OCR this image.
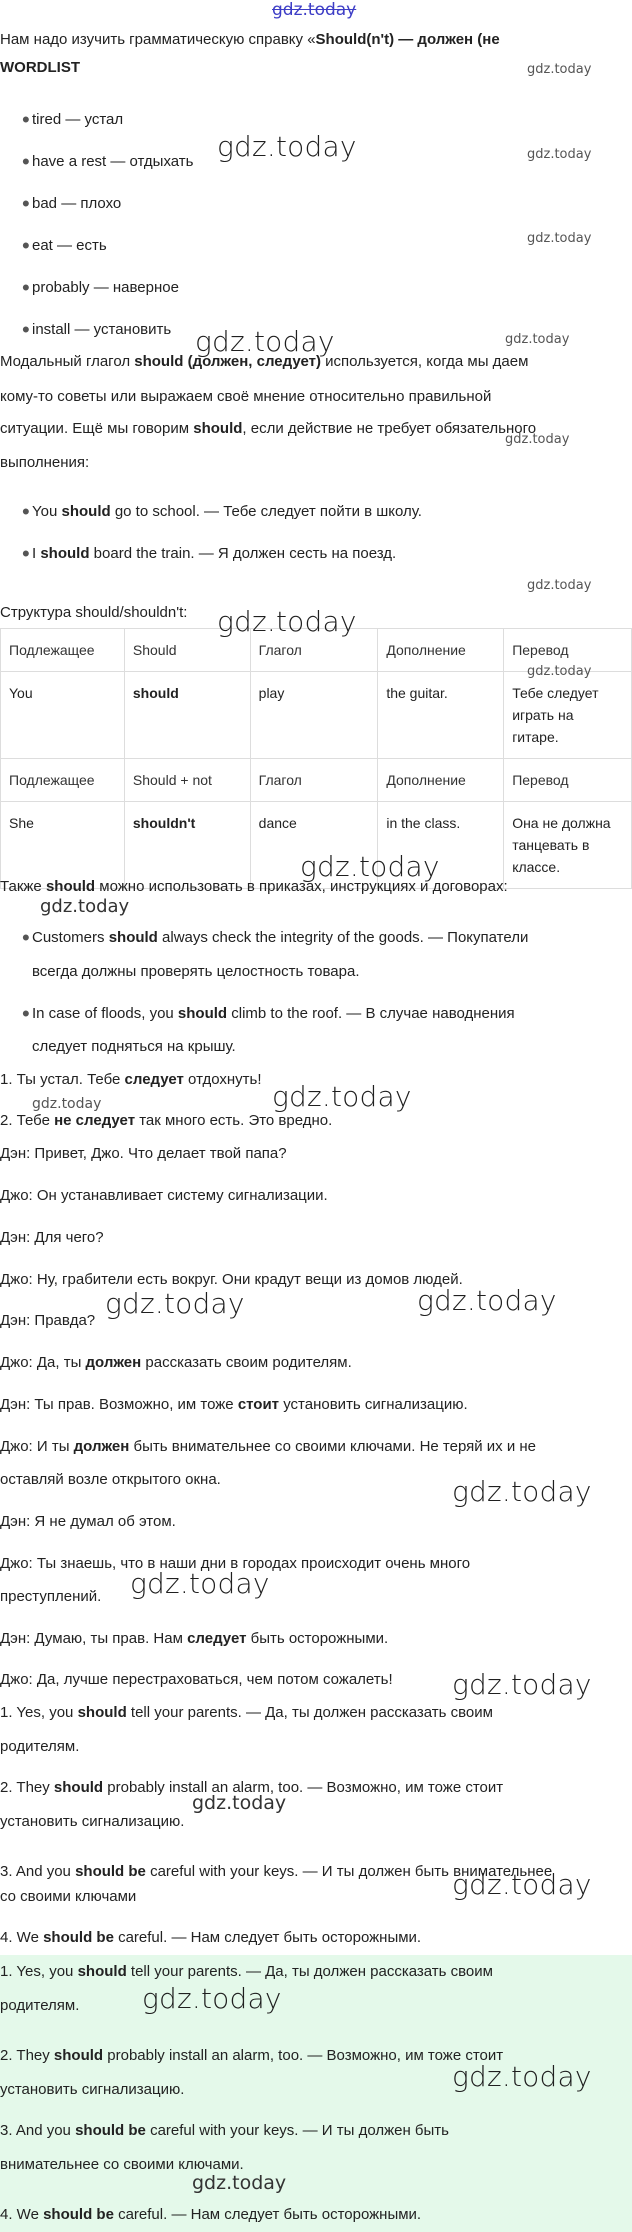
Нам надо изучить грамматическую справку «Should(n't) — должен (не
WORDLIST
• tired — устал
• have a rest — отдыхать
• bad — плохо
• eat — есть
• probably — наверное
• install — установить
Модальный глагол should (должен, следует) используется, когда мы даем
кому-то советы или выражаем своё мнение относительно правильной
ситуации. Ещё мы говорим should, если действие не требует обязательного
выполнения:
• You should go to school. — Тебе следует пойти в школу.
• I should board the train. — Я должен сесть на поезд.
Структура should/shouldn't:
Подлежащее	Should	Глагол	Дополнение	Перевод
You	should	play	the guitar.	Тебе следует играть на гитаре.
Подлежащее	Should + not	Глагол	Дополнение	Перевод
She	shouldn't	dance	in the class.	Она не должна танцевать в классе.
Также should можно использовать в приказах, инструкциях и договорах:
• Customers should always check the integrity of the goods. — Покупатели
всегда должны проверять целостность товара.
• In case of floods, you should climb to the roof. — В случае наводнения
следует подняться на крышу.
1. Ты устал. Тебе следует отдохнуть!
2. Тебе не следует так много есть. Это вредно.
Дэн: Привет, Джо. Что делает твой папа?
Джо: Он устанавливает систему сигнализации.
Дэн: Для чего?
Джо: Ну, грабители есть вокруг. Они крадут вещи из домов людей.
Дэн: Правда?
Джо: Да, ты должен рассказать своим родителям.
Дэн: Ты прав. Возможно, им тоже стоит установить сигнализацию.
Джо: И ты должен быть внимательнее со своими ключами. Не теряй их и не
оставляй возле открытого окна.
Дэн: Я не думал об этом.
Джо: Ты знаешь, что в наши дни в городах происходит очень много
преступлений.
Дэн: Думаю, ты прав. Нам следует быть осторожными.
Джо: Да, лучше перестраховаться, чем потом сожалеть!
1. Yes, you should tell your parents. — Да, ты должен рассказать своим
родителям.
2. They should probably install an alarm, too. — Возможно, им тоже стоит
установить сигнализацию.
3. And you should be careful with your keys. — И ты должен быть внимательнее
со своими ключами
4. We should be careful. — Нам следует быть осторожными.
1. Yes, you should tell your parents. — Да, ты должен рассказать своим
родителям.
2. They should probably install an alarm, too. — Возможно, им тоже стоит
установить сигнализацию.
3. And you should be careful with your keys. — И ты должен быть
внимательнее со своими ключами.
4. We should be careful. — Нам следует быть осторожными.
gdz.today
gdz.today
gdz.today	gdz.today
gdz.today
gdz.today	gdz.today
gdz.today
gdz.today
gdz.today
gdz.today
gdz.today
gdz.today
gdz.today
gdz.today
gdz.today	gdz.today
gdz.today
gdz.today
gdz.today
gdz.today
gdz.today
gdz.today
gdz.today
gdz.today
